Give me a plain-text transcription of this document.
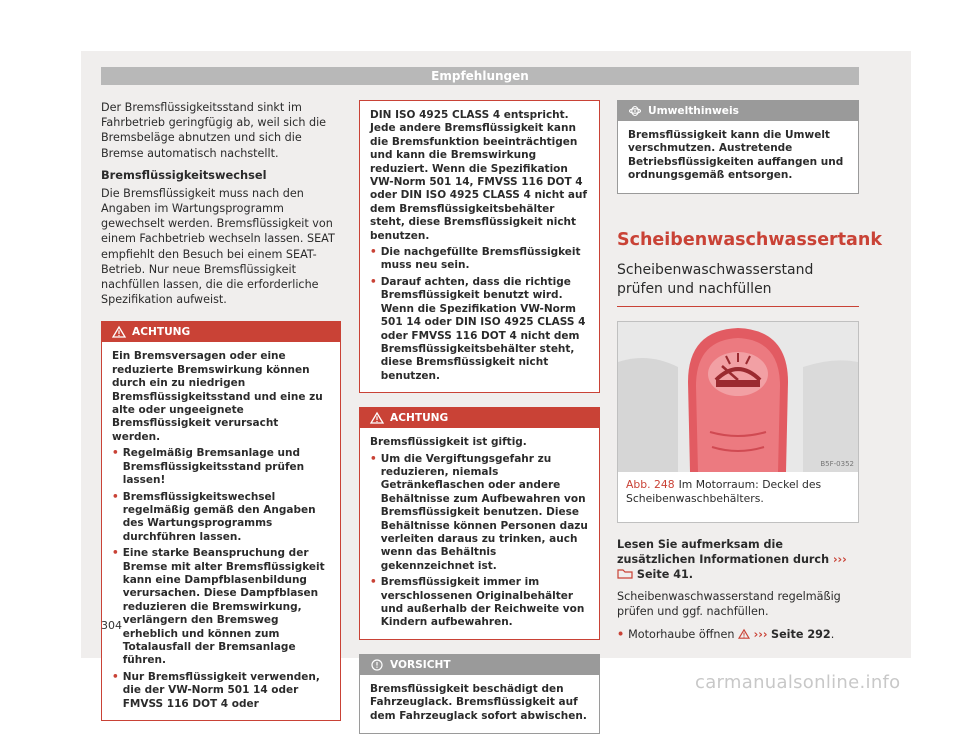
Empfehlungen

Der Bremsflüssigkeitsstand sinkt im Fahrbetrieb geringfügig ab, weil sich die Bremsbeläge abnutzen und sich die Bremse automatisch nachstellt.

Bremsflüssigkeitswechsel

Die Bremsflüssigkeit muss nach den Angaben im Wartungsprogramm gewechselt werden. Bremsflüssigkeit von einem Fachbetrieb wechseln lassen. SEAT empfiehlt den Besuch bei einem SEAT-Betrieb. Nur neue Bremsflüssigkeit nachfüllen lassen, die die erforderliche Spezifikation aufweist.

ACHTUNG

Ein Bremsversagen oder eine reduzierte Bremswirkung können durch ein zu niedrigen Bremsflüssigkeitsstand und eine zu alte oder ungeeignete Bremsflüssigkeit verursacht werden.

• Regelmäßig Bremsanlage und Bremsflüssigkeitsstand prüfen lassen!
• Bremsflüssigkeitswechsel regelmäßig gemäß den Angaben des Wartungsprogramms durchführen lassen.
• Eine starke Beanspruchung der Bremse mit alter Bremsflüssigkeit kann eine Dampfblasenbildung verursachen. Diese Dampfblasen reduzieren die Bremswirkung, verlängern den Bremsweg erheblich und können zum Totalausfall der Bremsanlage führen.
• Nur Bremsflüssigkeit verwenden, die der VW-Norm 501 14 oder FMVSS 116 DOT 4 oder

DIN ISO 4925 CLASS 4 entspricht. Jede andere Bremsflüssigkeit kann die Bremsfunktion beeinträchtigen und kann die Bremswirkung reduziert. Wenn die Spezifikation VW-Norm 501 14, FMVSS 116 DOT 4 oder DIN ISO 4925 CLASS 4 nicht auf dem Bremsflüssigkeitsbehälter steht, diese Bremsflüssigkeit nicht benutzen.

• Die nachgefüllte Bremsflüssigkeit muss neu sein.
• Darauf achten, dass die richtige Bremsflüssigkeit benutzt wird. Wenn die Spezifikation VW-Norm 501 14 oder DIN ISO 4925 CLASS 4 oder FMVSS 116 DOT 4 nicht dem Bremsflüssigkeitsbehälter steht, diese Bremsflüssigkeit nicht benutzen.
ACHTUNG

Bremsflüssigkeit ist giftig.

• Um die Vergiftungsgefahr zu reduzieren, niemals Getränkeflaschen oder andere Behältnisse zum Aufbewahren von Bremsflüssigkeit benutzen. Diese Behältnisse können Personen dazu verleiten daraus zu trinken, auch wenn das Behältnis gekennzeichnet ist.
• Bremsflüssigkeit immer im verschlossenen Originalbehälter und außerhalb der Reichweite von Kindern aufbewahren.
VORSICHT

Bremsflüssigkeit beschädigt den Fahrzeuglack. Bremsflüssigkeit auf dem Fahrzeuglack sofort abwischen.

Umwelthinweis

Bremsflüssigkeit kann die Umwelt verschmutzen. Austretende Betriebsflüssigkeiten auffangen und ordnungsgemäß entsorgen.

Scheibenwaschwassertank
Scheibenwaschwasserstand prüfen und nachfüllen
B5F-0352
Abb. 248 Im Motorraum: Deckel des Scheibenwaschbehälters.

Lesen Sie aufmerksam die zusätzlichen Informationen durch ›››  Seite 41.

Scheibenwaschwasserstand regelmäßig prüfen und ggf. nachfüllen.

• Motorhaube öffnen ››› Seite 292.
304
carmanualsonline.info
